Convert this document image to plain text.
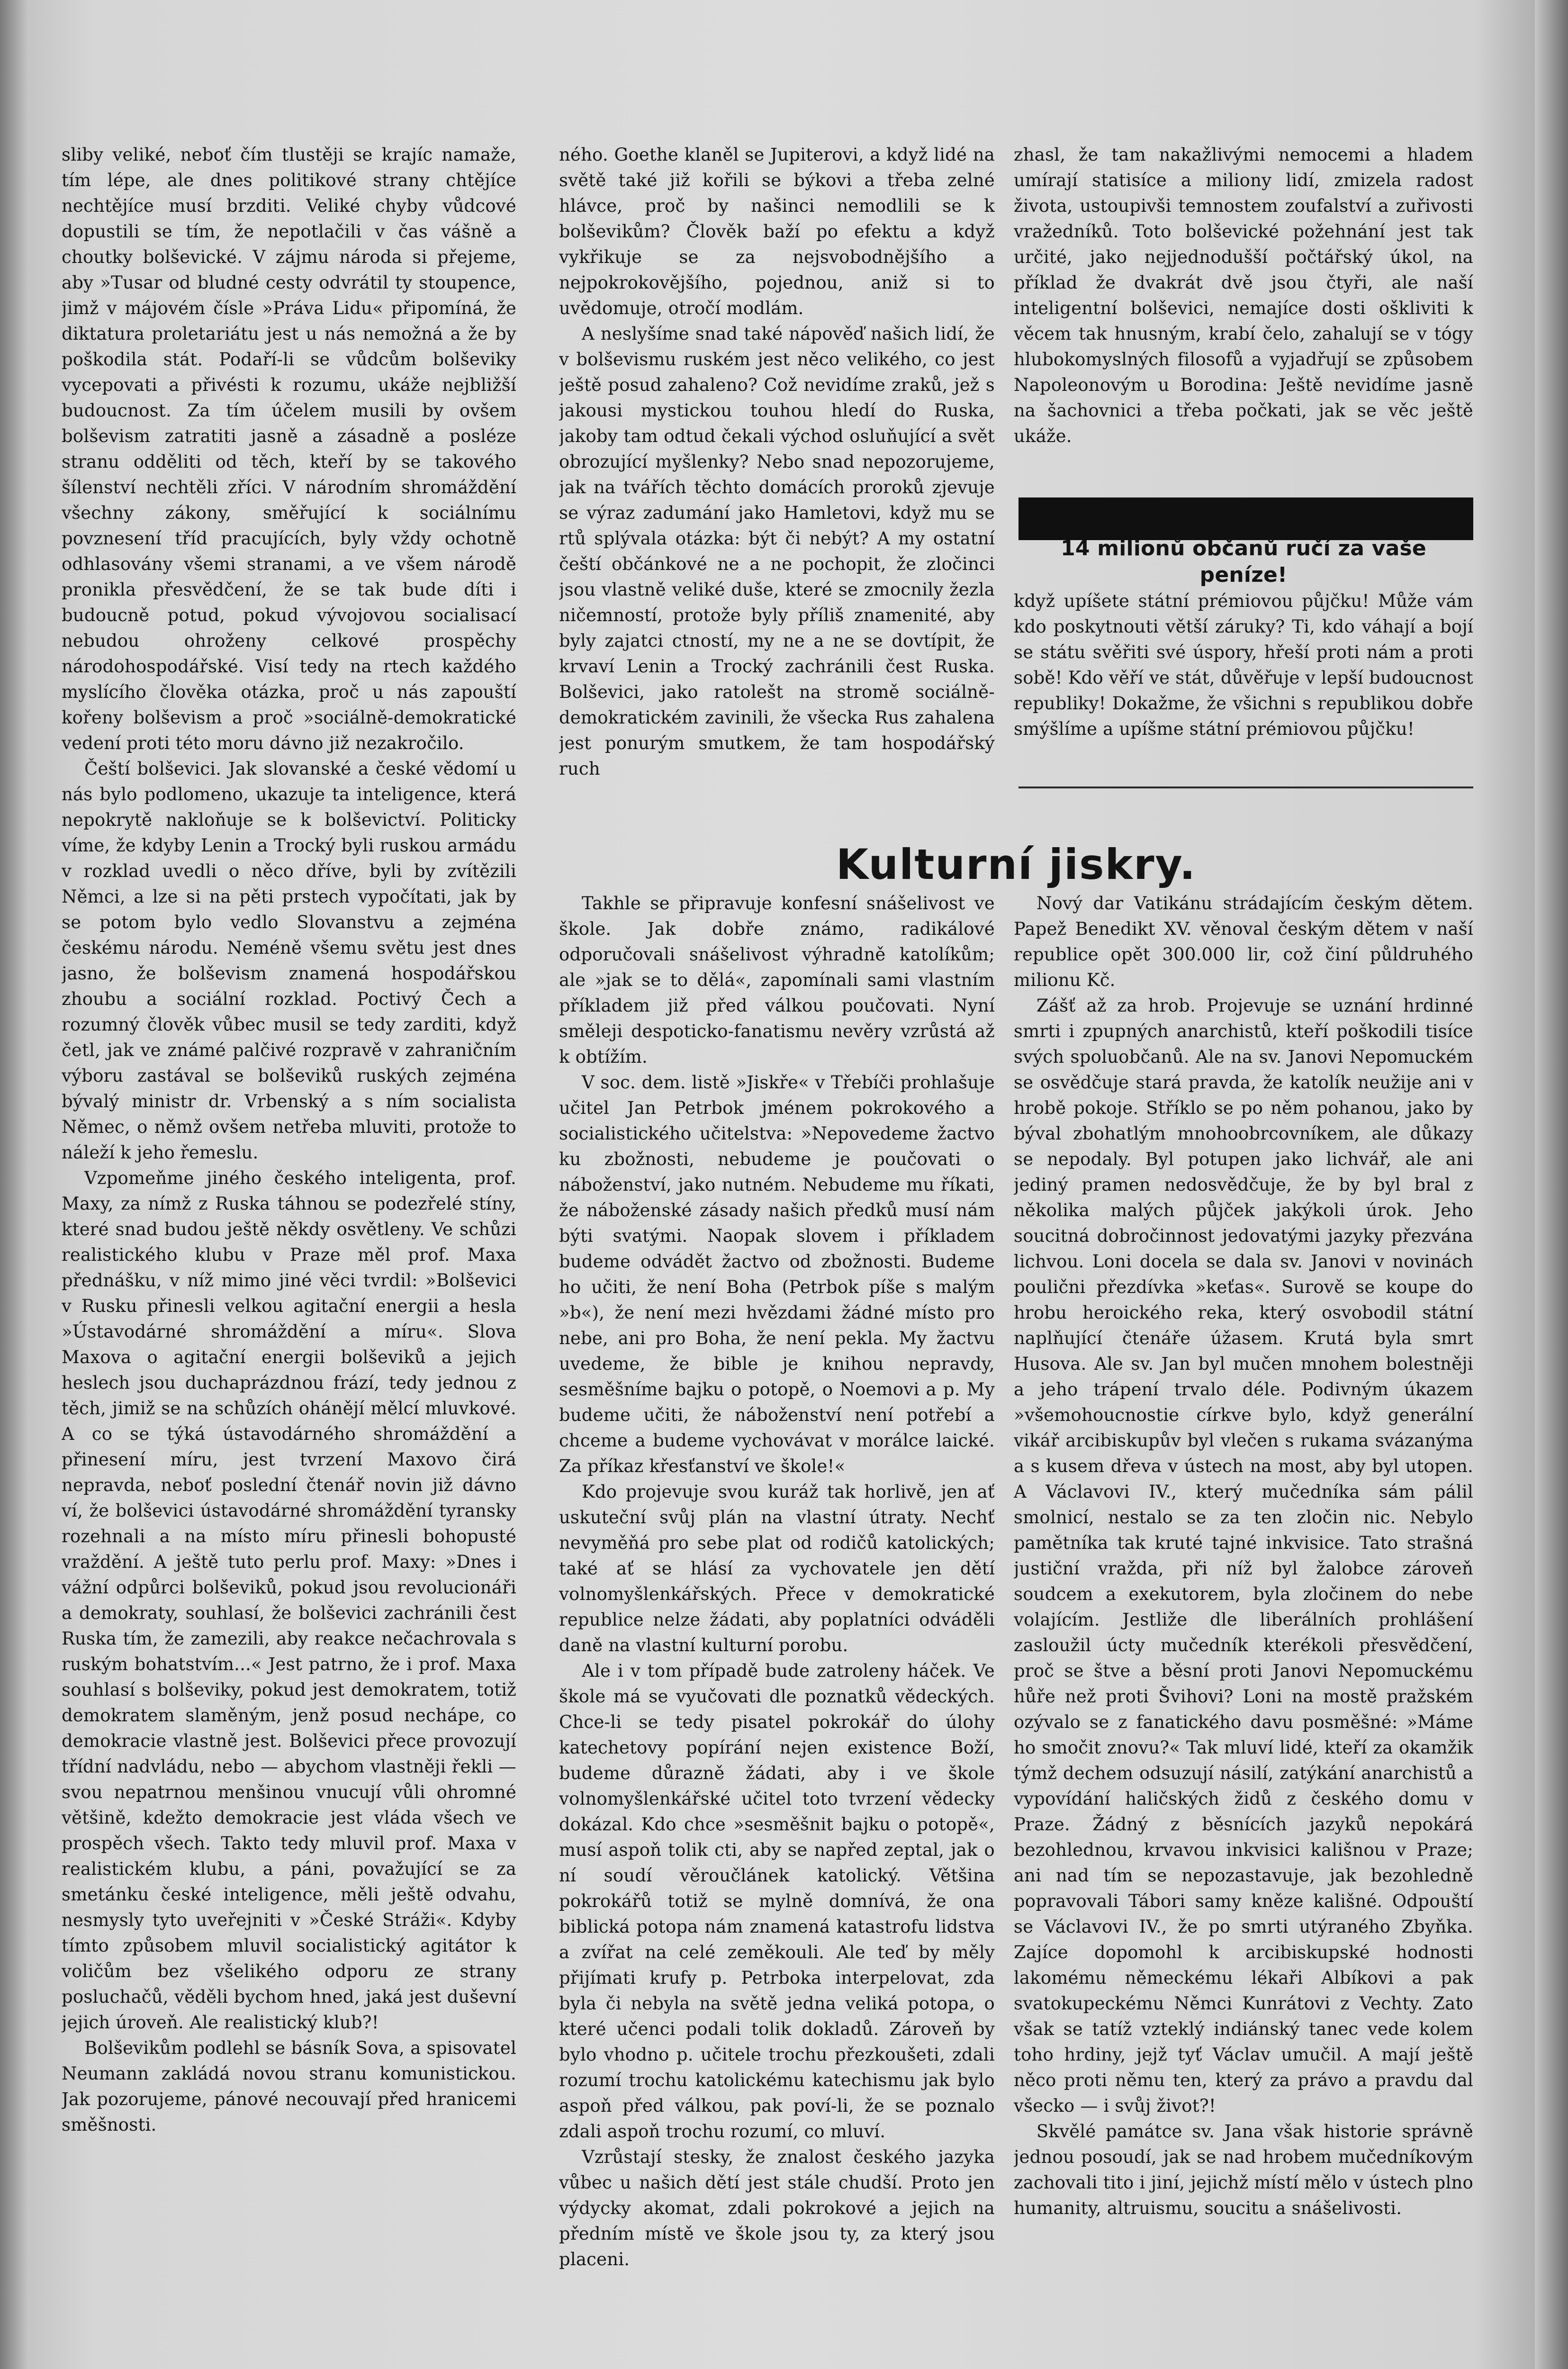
sliby veliké, neboť čím tlustěji se krajíc namaže, tím lépe, ale dnes politikové strany chtějíce nechtějíce musí brzditi. Veliké chyby vůdcové dopustili se tím, že nepotlačili v čas vášně a choutky bolševické. V zájmu národa si přejeme, aby »Tusar od bludné cesty odvrátil ty stoupence, jimž v májovém čísle »Práva Lidu« připomíná, že diktatura proletariátu jest u nás nemožná a že by poškodila stát. Podaří-li se vůdcům bolševiky vycepovati a přivésti k rozumu, ukáže nejbližší budoucnost. Za tím účelem musili by ovšem bolševism zatratiti jasně a zásadně a posléze stranu odděliti od těch, kteří by se takového šílenství nechtěli zříci. V národním shromáždění všechny zákony, směřující k sociálnímu povznesení tříd pracujících, byly vždy ochotně odhlasovány všemi stranami, a ve všem národě pronikla přesvědčení, že se tak bude díti i budoucně potud, pokud vývojovou socialisací nebudou ohroženy celkové prospěchy národohospodářské. Visí tedy na rtech každého myslícího člověka otázka, proč u nás zapouští kořeny bolševism a proč »sociálně-demokratické vedení proti této moru dávno již nezakročilo.

Čeští bolševici. Jak slovanské a české vědomí u nás bylo podlomeno, ukazuje ta inteligence, která nepokrytě nakloňuje se k bolševictví. Politicky víme, že kdyby Lenin a Trocký byli ruskou armádu v rozklad uvedli o něco dříve, byli by zvítězili Němci, a lze si na pěti prstech vypočítati, jak by se potom bylo vedlo Slovanstvu a zejména českému národu. Neméně všemu světu jest dnes jasno, že bolševism znamená hospodářskou zhoubu a sociální rozklad. Poctivý Čech a rozumný člověk vůbec musil se tedy zarditi, když četl, jak ve známé palčivé rozpravě v zahraničním výboru zastával se bolševiků ruských zejména bývalý ministr dr. Vrbenský a s ním socialista Němec, o němž ovšem netřeba mluviti, protože to náleží k jeho řemeslu.

Vzpomeňme jiného českého inteligenta, prof. Maxy, za nímž z Ruska táhnou se podezřelé stíny, které snad budou ještě někdy osvětleny. Ve schůzi realistického klubu v Praze měl prof. Maxa přednášku, v níž mimo jiné věci tvrdil: »Bolševici v Rusku přinesli velkou agitační energii a hesla »Ústavodárné shromáždění a míru«. Slova Maxova o agitační energii bolševiků a jejich heslech jsou duchaprázdnou frází, tedy jednou z těch, jimiž se na schůzích ohánějí mělcí mluvkové. A co se týká ústavodárného shromáždění a přinesení míru, jest tvrzení Maxovo čirá nepravda, neboť poslední čtenář novin již dávno ví, že bolševici ústavodárné shromáždění tyransky rozehnali a na místo míru přinesli bohopusté vraždění. A ještě tuto perlu prof. Maxy: »Dnes i vážní odpůrci bolševiků, pokud jsou revolucionáři a demokraty, souhlasí, že bolševici zachránili čest Ruska tím, že zamezili, aby reakce nečachrovala s ruským bohatstvím...« Jest patrno, že i prof. Maxa souhlasí s bolševiky, pokud jest demokratem, totiž demokratem slaměným, jenž posud nechápe, co demokracie vlastně jest. Bolševici přece provozují třídní nadvládu, nebo — abychom vlastněji řekli — svou nepatrnou menšinou vnucují vůli ohromné většině, kdežto demokracie jest vláda všech ve prospěch všech. Takto tedy mluvil prof. Maxa v realistickém klubu, a páni, považující se za smetánku české inteligence, měli ještě odvahu, nesmysly tyto uveřejniti v »České Stráži«. Kdyby tímto způsobem mluvil socialistický agitátor k voličům bez všelikého odporu ze strany posluchačů, věděli bychom hned, jaká jest duševní jejich úroveň. Ale realistický klub?!

Bolševikům podlehl se básník Sova, a spisovatel Neumann zakládá novou stranu komunistickou. Jak pozorujeme, pánové necouvají před hranicemi směšnosti.

ného. Goethe klaněl se Jupiterovi, a když lidé na světě také již kořili se býkovi a třeba zelné hlávce, proč by našinci nemodlili se k bolševikům? Člověk baží po efektu a když vykřikuje se za nejsvobodnějšího a nejpokrokovějšího, pojednou, aniž si to uvědomuje, otročí modlám.

A neslyšíme snad také nápověď našich lidí, že v bolševismu ruském jest něco velikého, co jest ještě posud zahaleno? Což nevidíme zraků, jež s jakousi mystickou touhou hledí do Ruska, jakoby tam odtud čekali východ osluňující a svět obrozující myšlenky? Nebo snad nepozorujeme, jak na tvářích těchto domácích proroků zjevuje se výraz zadumání jako Hamletovi, když mu se rtů splývala otázka: být či nebýt? A my ostatní čeští občánkové ne a ne pochopit, že zločinci jsou vlastně veliké duše, které se zmocnily žezla ničemností, protože byly příliš znamenité, aby byly zajatci ctností, my ne a ne se dovtípit, že krvaví Lenin a Trocký zachránili čest Ruska. Bolševici, jako ratolešt na stromě sociálně-demokratickém zavinili, že všecka Rus zahalena jest ponurým smutkem, že tam hospodářský ruch

zhasl, že tam nakažlivými nemocemi a hladem umírají statisíce a miliony lidí, zmizela radost života, ustoupivši temnostem zoufalství a zuřivosti vražedníků. Toto bolševické požehnání jest tak určité, jako nejjednodušší počtářský úkol, na příklad že dvakrát dvě jsou čtyři, ale naší inteligentní bolševici, nemajíce dosti oškliviti k věcem tak hnusným, krabí čelo, zahalují se v tógy hlubokomyslných filosofů a vyjadřují se způsobem Napoleonovým u Borodina: Ještě nevidíme jasně na šachovnici a třeba počkati, jak se věc ještě ukáže.

14 milionů občanů ručí za vaše peníze!

když upíšete státní prémiovou půjčku! Může vám kdo poskytnouti větší záruky? Ti, kdo váhají a bojí se státu svěřiti své úspory, hřeší proti nám a proti sobě! Kdo věří ve stát, důvěřuje v lepší budoucnost republiky! Dokažme, že všichni s republikou dobře smýšlíme a upíšme státní prémiovou půjčku!

Kulturní jiskry.

Takhle se připravuje konfesní snášelivost ve škole. Jak dobře známo, radikálové odporučovali snášelivost výhradně katolíkům; ale »jak se to dělá«, zapomínali sami vlastním příkladem již před válkou poučovati. Nyní směleji despoticko-fanatismu nevěry vzrůstá až k obtížím.

V soc. dem. listě »Jiskře« v Třebíči prohlašuje učitel Jan Petrbok jménem pokrokového a socialistického učitelstva: »Nepovedeme žactvo ku zbožnosti, nebudeme je poučovati o náboženství, jako nutném. Nebudeme mu říkati, že náboženské zásady našich předků musí nám býti svatými. Naopak slovem i příkladem budeme odvádět žactvo od zbožnosti. Budeme ho učiti, že není Boha (Petrbok píše s malým »b«), že není mezi hvězdami žádné místo pro nebe, ani pro Boha, že není pekla. My žactvu uvedeme, že bible je knihou nepravdy, sesměšníme bajku o potopě, o Noemovi a p. My budeme učiti, že náboženství není potřebí a chceme a budeme vychovávat v morálce laické. Za příkaz křesťanství ve škole!«

Kdo projevuje svou kuráž tak horlivě, jen ať uskuteční svůj plán na vlastní útraty. Nechť nevyměňá pro sebe plat od rodičů katolických; také ať se hlásí za vychovatele jen dětí volnomyšlenkářských. Přece v demokratické republice nelze žádati, aby poplatníci odváděli daně na vlastní kulturní porobu.

Ale i v tom případě bude zatroleny háček. Ve škole má se vyučovati dle poznatků vědeckých. Chce-li se tedy pisatel pokrokář do úlohy katechetovy popírání nejen existence Boží, budeme důrazně žádati, aby i ve škole volnomyšlenkářské učitel toto tvrzení vědecky dokázal. Kdo chce »sesměšnit bajku o potopě«, musí aspoň tolik cti, aby se napřed zeptal, jak o ní soudí věroučlánek katolický. Většina pokrokářů totiž se mylně domnívá, že ona biblická potopa nám znamená katastrofu lidstva a zvířat na celé zeměkouli. Ale teď by měly přijímati krufy p. Petrboka interpelovat, zda byla či nebyla na světě jedna veliká potopa, o které učenci podali tolik dokladů. Zároveň by bylo vhodno p. učitele trochu přezkoušeti, zdali rozumí trochu katolickému katechismu jak bylo aspoň před válkou, pak poví-li, že se poznalo zdali aspoň trochu rozumí, co mluví.

Vzrůstají stesky, že znalost českého jazyka vůbec u našich dětí jest stále chudší. Proto jen výdycky akomat, zdali pokrokové a jejich na předním místě ve škole jsou ty, za který jsou placeni.

Nový dar Vatikánu strádajícím českým dětem. Papež Benedikt XV. věnoval českým dětem v naší republice opět 300.000 lir, což činí půldruhého milionu Kč.

Zášť až za hrob. Projevuje se uznání hrdinné smrti i zpupných anarchistů, kteří poškodili tisíce svých spoluobčanů. Ale na sv. Janovi Nepomuckém se osvědčuje stará pravda, že katolík neužije ani v hrobě pokoje. Stříklo se po něm pohanou, jako by býval zbohatlým mnohoobrcovníkem, ale důkazy se nepodaly. Byl potupen jako lichvář, ale ani jediný pramen nedosvědčuje, že by byl bral z několika malých půjček jakýkoli úrok. Jeho soucitná dobročinnost jedovatými jazyky přezvána lichvou. Loni docela se dala sv. Janovi v novinách poulični přezdívka »keťas«. Surově se koupe do hrobu heroického reka, který osvobodil státní naplňující čtenáře úžasem. Krutá byla smrt Husova. Ale sv. Jan byl mučen mnohem bolestněji a jeho trápení trvalo déle. Podivným úkazem »všemohoucnostie církve bylo, když generální vikář arcibiskupův byl vlečen s rukama svázanýma a s kusem dřeva v ústech na most, aby byl utopen. A Václavovi IV., který mučedníka sám pálil smolnicí, nestalo se za ten zločin nic. Nebylo pamětníka tak kruté tajné inkvisice. Tato strašná justiční vražda, při níž byl žalobce zároveň soudcem a exekutorem, byla zločinem do nebe volajícím. Jestliže dle liberálních prohlášení zasloužil úcty mučedník kterékoli přesvědčení, proč se štve a běsní proti Janovi Nepomuckému hůře než proti Švihovi? Loni na mostě pražském ozývalo se z fanatického davu posměšné: »Máme ho smočit znovu?« Tak mluví lidé, kteří za okamžik týmž dechem odsuzují násilí, zatýkání anarchistů a vypovídání haličských židů z českého domu v Praze. Žádný z běsnících jazyků nepokárá bezohlednou, krvavou inkvisici kališnou v Praze; ani nad tím se nepozastavuje, jak bezohledně popravovali Tábori samy kněze kališné. Odpouští se Václavovi IV., že po smrti utýraného Zbyňka. Zajíce dopomohl k arcibiskupské hodnosti lakomému německému lékaři Albíkovi a pak svatokupeckému Němci Kunrátovi z Vechty. Zato však se tatíž vzteklý indiánský tanec vede kolem toho hrdiny, jejž tyť Václav umučil. A mají ještě něco proti němu ten, který za právo a pravdu dal všecko — i svůj život?!

Skvělé památce sv. Jana však historie správně jednou posoudí, jak se nad hrobem mučedníkovým zachovali tito i jiní, jejichž místí mělo v ústech plno humanity, altruismu, soucitu a snášelivosti.
